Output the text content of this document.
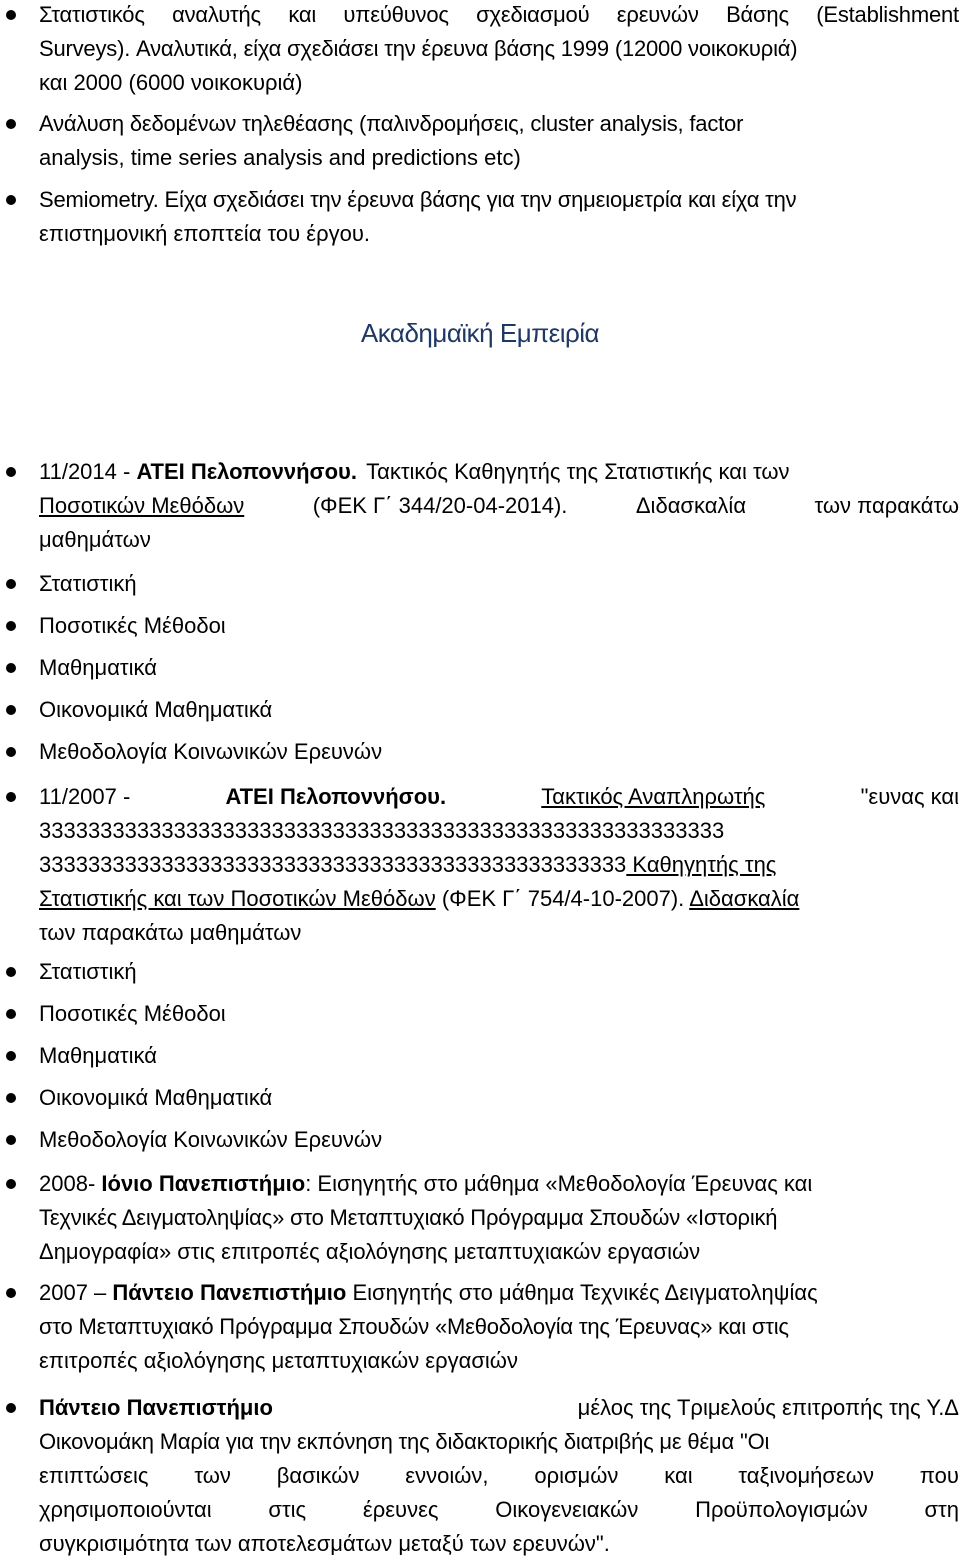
Στατιστικός αναλυτής και υπεύθυνος σχεδιασμού ερευνών Βάσης (Establishment
Surveys). Αναλυτικά, είχα σχεδιάσει την έρευνα βάσης 1999 (12000 νοικοκυριά)
και 2000 (6000 νοικοκυριά)
Ανάλυση δεδομένων τηλεθέασης (παλινδρομήσεις, cluster analysis, factor
analysis, time series analysis and predictions etc)
Semiometry. Είχα σχεδιάσει την έρευνα βάσης για την σημειομετρία και είχα την
επιστημονική εποπτεία του έργου.
Ακαδημαϊκή Εμπειρία
11/2014 - ΑΤΕΙ Πελοποννήσου. Τακτικός Καθηγητής της Στατιστικής και των
Ποσοτικών Μεθόδων	(ΦΕΚ Γ΄ 344/20-04-2014).	Διδασκαλία	των παρακάτω
μαθημάτων
Στατιστική
Ποσοτικές Μέθοδοι
Μαθηματικά
Οικονομικά Μαθηματικά
Μεθοδολογία Κοινωνικών Ερευνών
11/2007 -	ΑΤΕΙ Πελοποννήσου.	Τακτικός Αναπληρωτής	"ευνας και
33333333333333333333333333333333333333333333333333333333
333333333333333333333333333333333333333333333333 Καθηγητής της
Στατιστικής και των Ποσοτικών Μεθόδων (ΦΕΚ Γ΄ 754/4-10-2007). Διδασκαλία
των παρακάτω μαθημάτων
Στατιστική
Ποσοτικές Μέθοδοι
Μαθηματικά
Οικονομικά Μαθηματικά
Μεθοδολογία Κοινωνικών Ερευνών
2008- Ιόνιο Πανεπιστήμιο: Εισηγητής στο μάθημα «Μεθοδολογία Έρευνας και
Τεχνικές Δειγματοληψίας» στο Μεταπτυχιακό Πρόγραμμα Σπουδών «Ιστορική
Δημογραφία» στις επιτροπές αξιολόγησης μεταπτυχιακών εργασιών
2007 – Πάντειο Πανεπιστήμιο Εισηγητής στο μάθημα Τεχνικές Δειγματοληψίας
στο Μεταπτυχιακό Πρόγραμμα Σπουδών «Μεθοδολογία της Έρευνας» και στις
επιτροπές αξιολόγησης μεταπτυχιακών εργασιών
Πάντειο Πανεπιστήμιο	μέλος της Τριμελούς επιτροπής της Υ.Δ
Οικονομάκη Μαρία για την εκπόνηση της διδακτορικής διατριβής με θέμα "Οι
επιπτώσεις των βασικών εννοιών, ορισμών και ταξινομήσεων που
χρησιμοποιούνται	στις	έρευνες	Οικογενειακών	Προϋπολογισμών	στη
συγκρισιμότητα των αποτελεσμάτων μεταξύ των ερευνών".
